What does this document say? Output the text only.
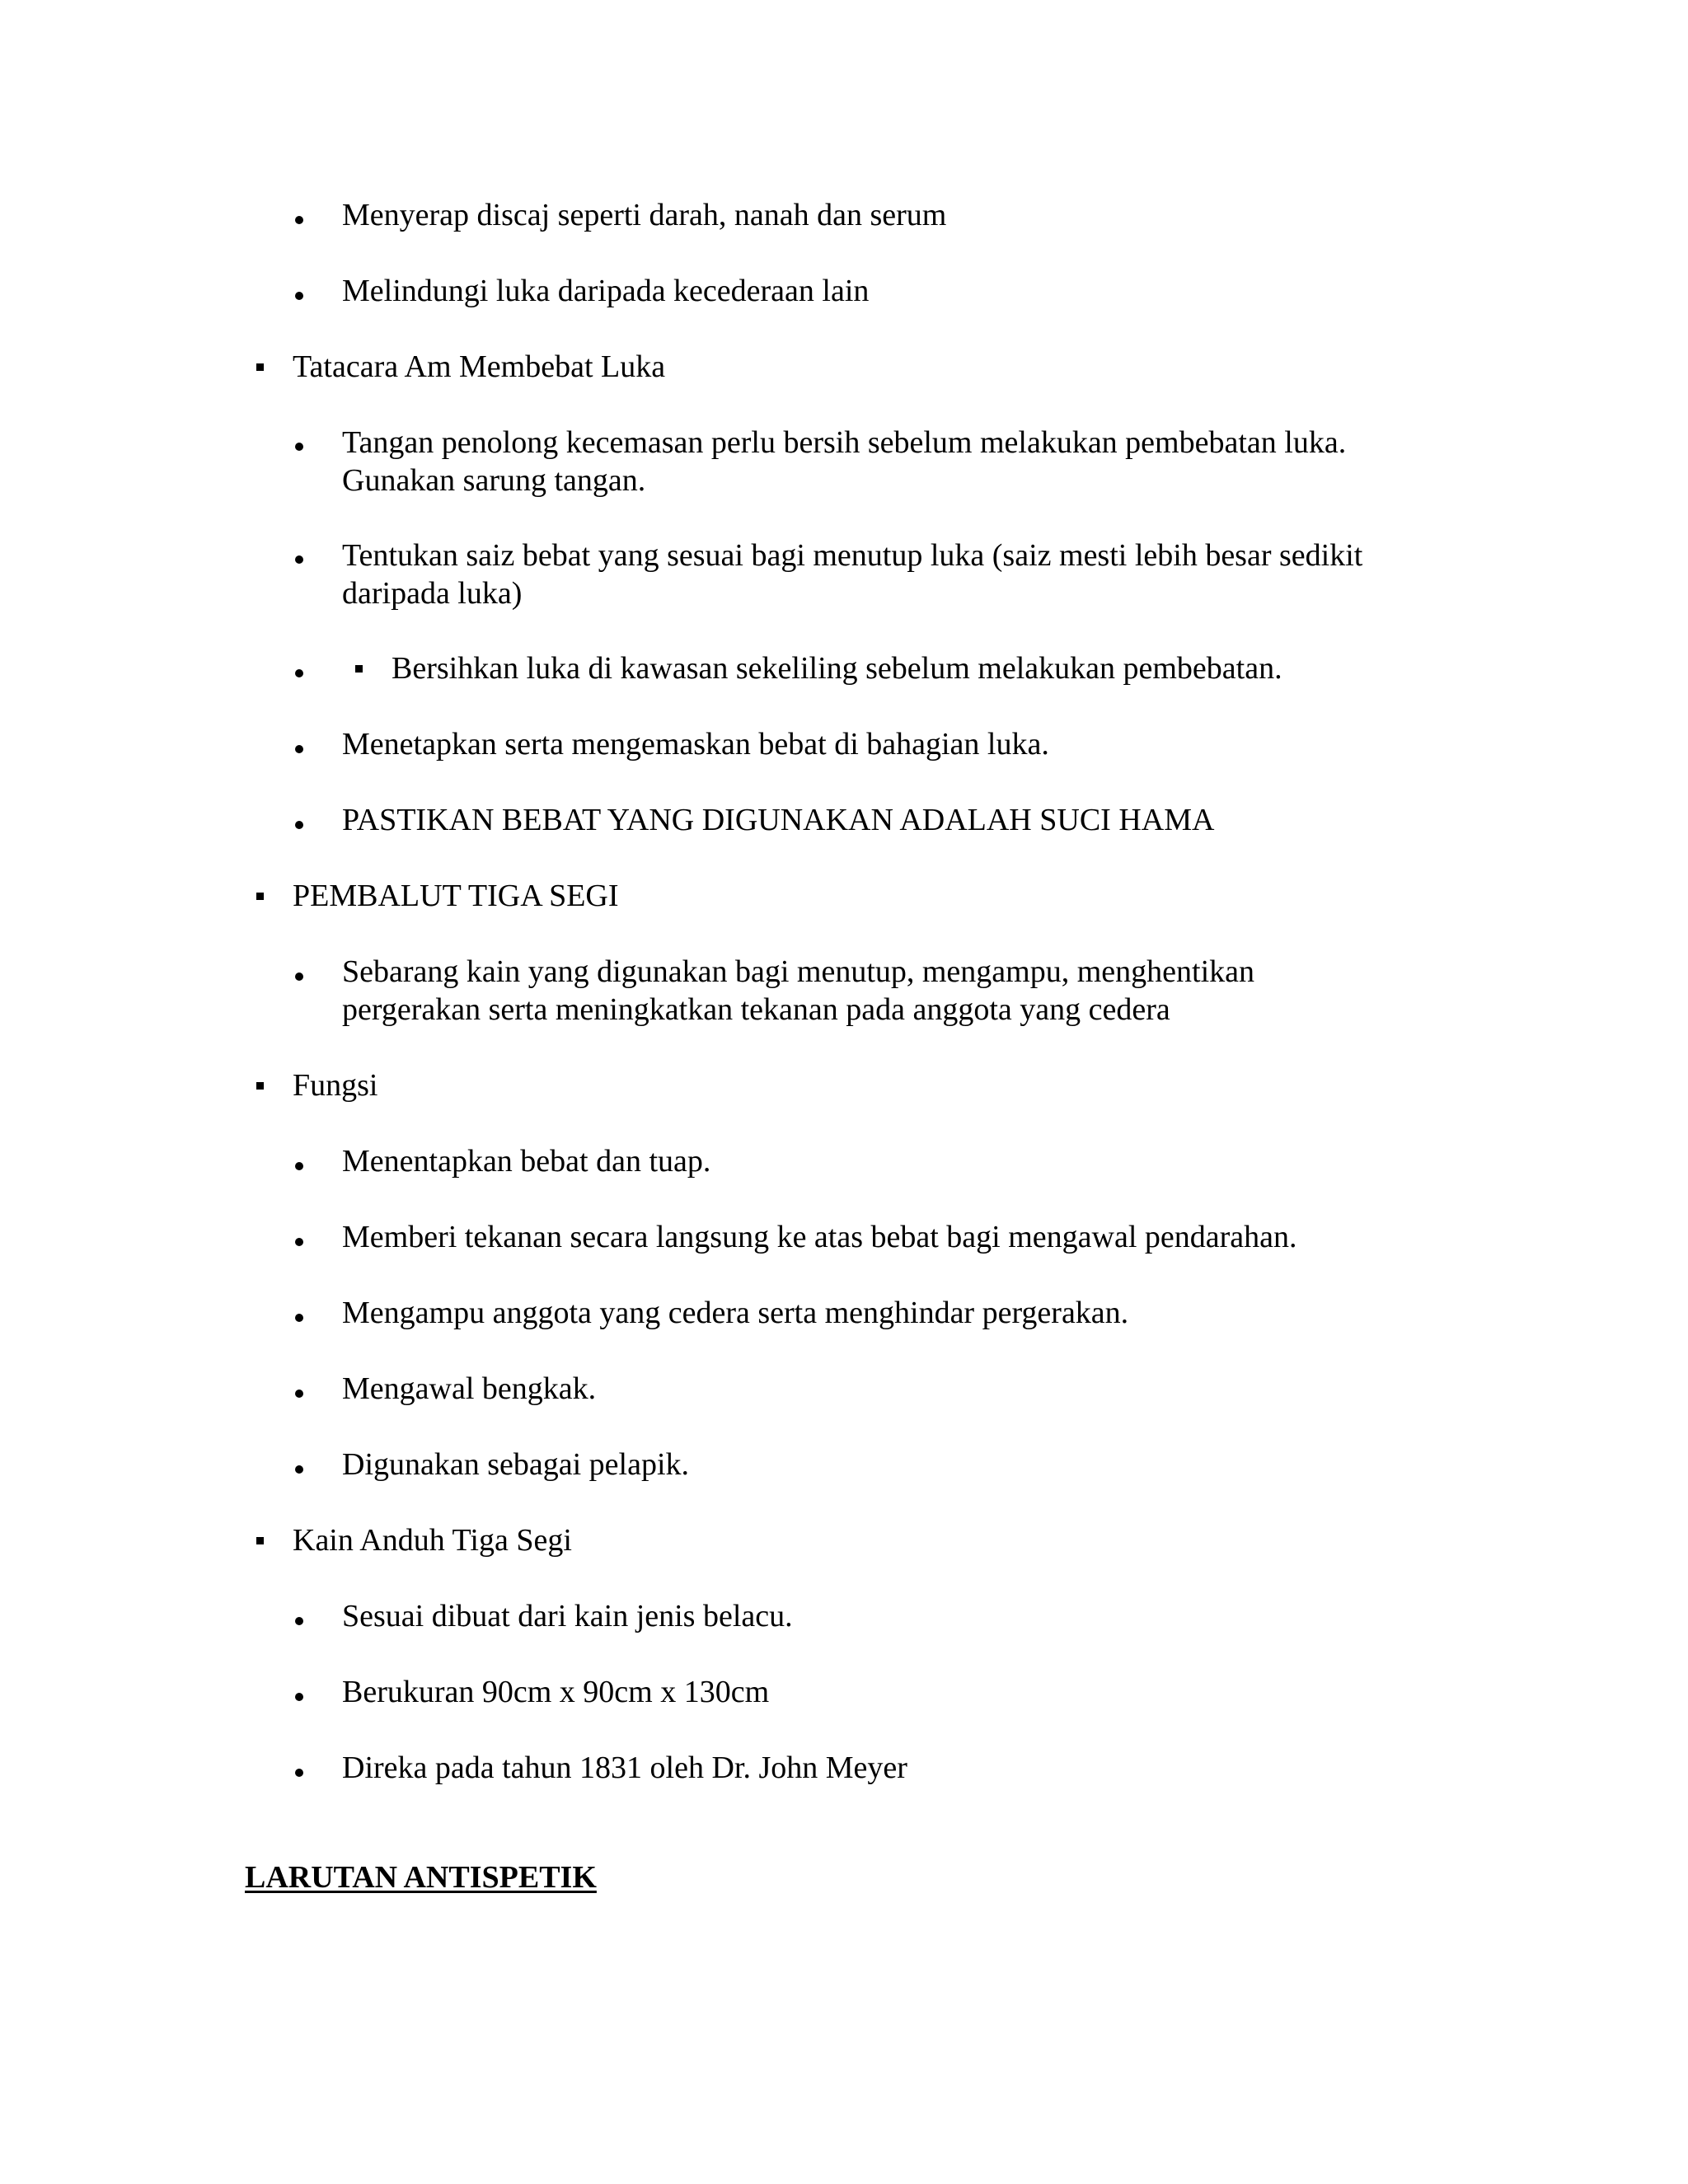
Menyerap discaj seperti darah, nanah dan serum
Melindungi luka daripada kecederaan lain
Tatacara Am Membebat Luka
Tangan penolong kecemasan perlu bersih sebelum melakukan pembebatan luka. Gunakan sarung tangan.
Tentukan saiz bebat yang sesuai bagi menutup luka (saiz mesti lebih besar sedikit daripada luka)
Bersihkan luka di kawasan sekeliling sebelum melakukan pembebatan.
Menetapkan serta mengemaskan bebat di bahagian luka.
PASTIKAN BEBAT YANG DIGUNAKAN ADALAH SUCI HAMA
PEMBALUT TIGA SEGI
Sebarang kain yang digunakan bagi menutup, mengampu, menghentikan pergerakan serta meningkatkan tekanan pada anggota yang cedera
Fungsi
Menentapkan bebat dan tuap.
Memberi tekanan secara langsung ke atas bebat bagi mengawal pendarahan.
Mengampu anggota yang cedera serta menghindar pergerakan.
Mengawal bengkak.
Digunakan sebagai pelapik.
Kain Anduh Tiga Segi
Sesuai dibuat dari kain jenis belacu.
Berukuran 90cm x 90cm x 130cm
Direka pada tahun 1831 oleh Dr. John Meyer
LARUTAN ANTISPETIK
